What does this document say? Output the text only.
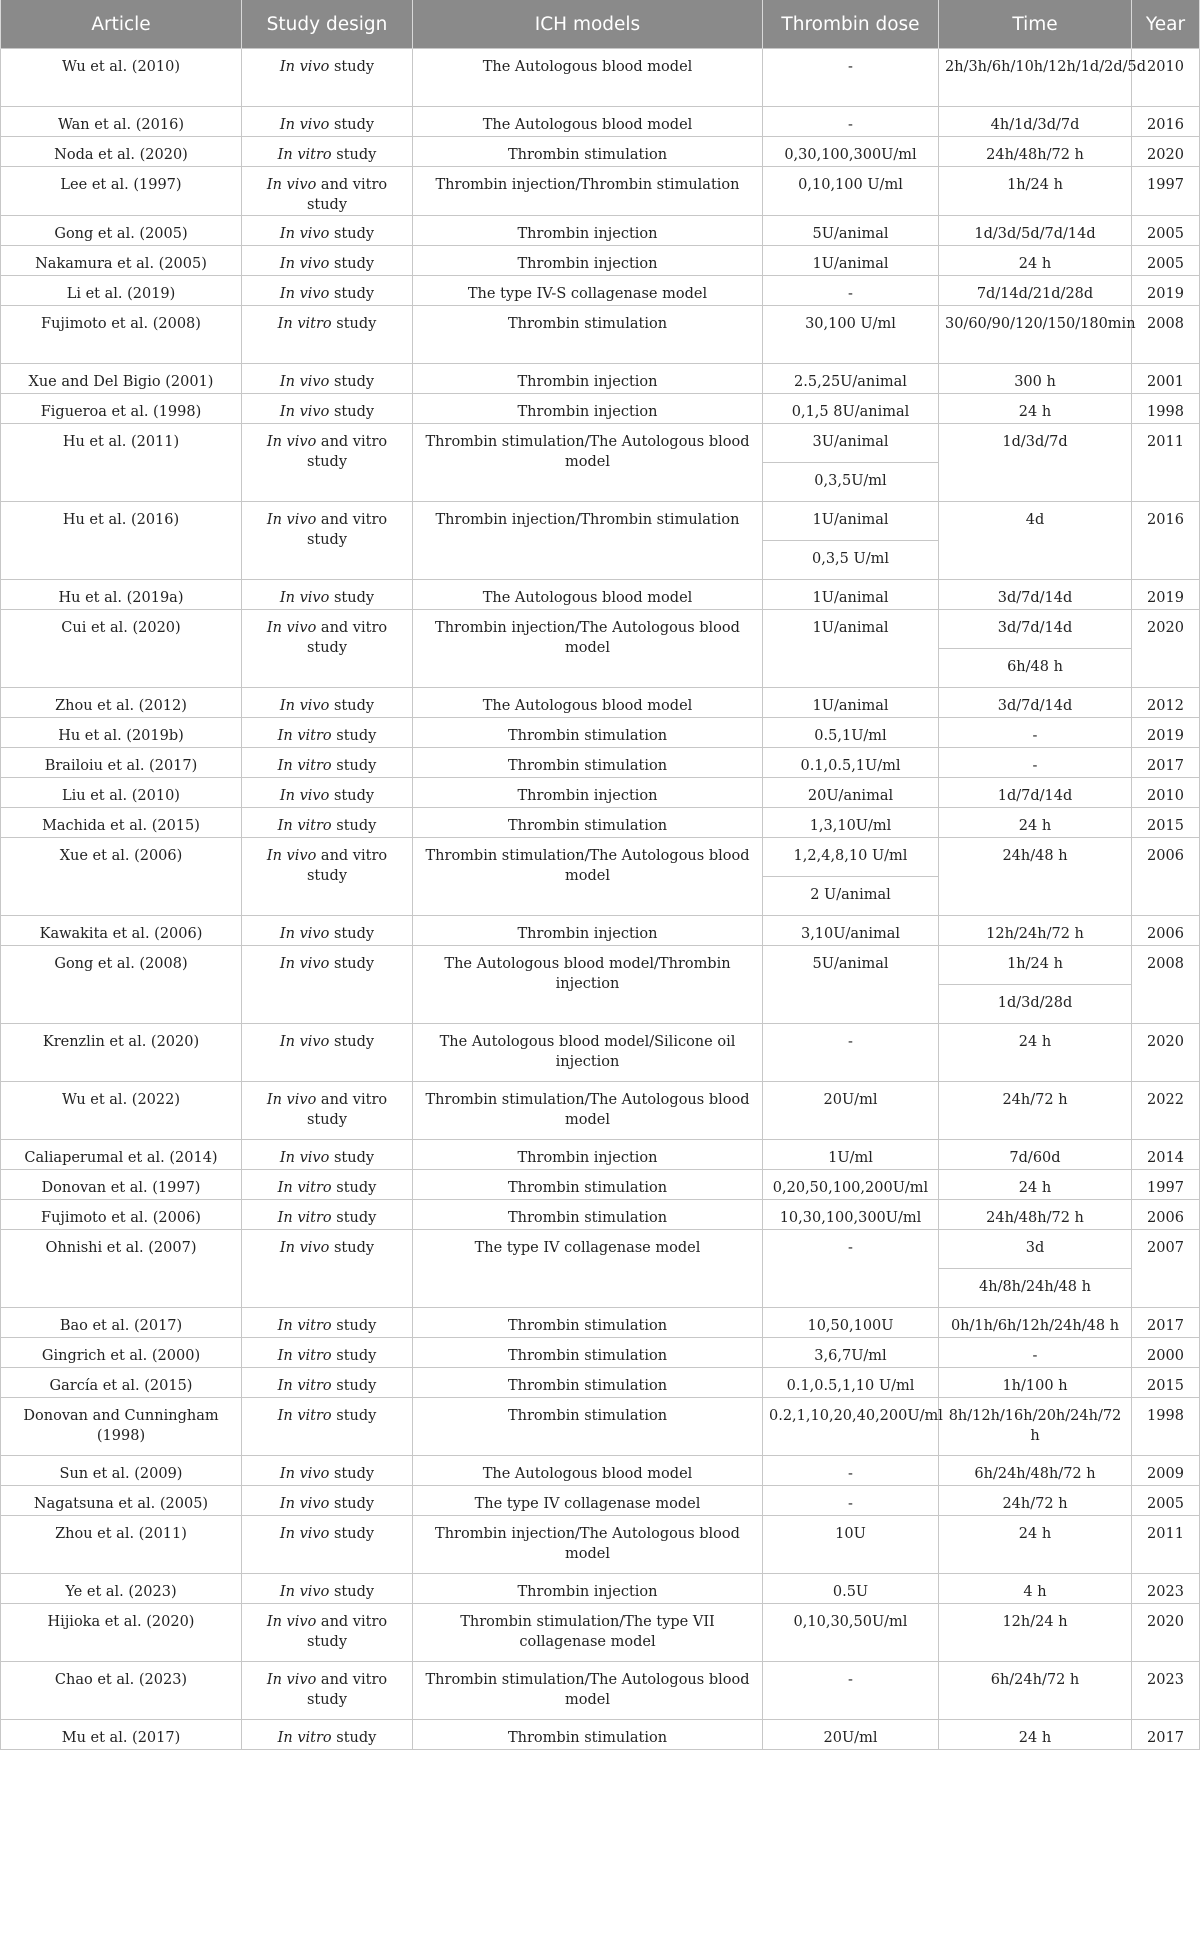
Article	Study design	ICH models	Thrombin dose	Time	Year
Wu et al. (2010)	In vivo study	The Autologous blood model	-	2h/3h/6h/10h/12h/1d/2d/5d	2010
Wan et al. (2016)	In vivo study	The Autologous blood model	-	4h/1d/3d/7d	2016
Noda et al. (2020)	In vitro study	Thrombin stimulation	0,30,100,300U/ml	24h/48h/72 h	2020
Lee et al. (1997)	In vivo and vitro study	Thrombin injection/Thrombin stimulation	0,10,100 U/ml	1h/24 h	1997
Gong et al. (2005)	In vivo study	Thrombin injection	5U/animal	1d/3d/5d/7d/14d	2005
Nakamura et al. (2005)	In vivo study	Thrombin injection	1U/animal	24 h	2005
Li et al. (2019)	In vivo study	The type IV-S collagenase model	-	7d/14d/21d/28d	2019
Fujimoto et al. (2008)	In vitro study	Thrombin stimulation	30,100 U/ml	30/60/90/120/150/180min	2008
Xue and Del Bigio (2001)	In vivo study	Thrombin injection	2.5,25U/animal	300 h	2001
Figueroa et al. (1998)	In vivo study	Thrombin injection	0,1,5 8U/animal	24 h	1998
Hu et al. (2011)	In vivo and vitro study	Thrombin stimulation/The Autologous blood model	3U/animal	1d/3d/7d	2011
			0,3,5U/ml		
Hu et al. (2016)	In vivo and vitro study	Thrombin injection/Thrombin stimulation	1U/animal	4d	2016
			0,3,5 U/ml		
Hu et al. (2019a)	In vivo study	The Autologous blood model	1U/animal	3d/7d/14d	2019
Cui et al. (2020)	In vivo and vitro study	Thrombin injection/The Autologous blood model	1U/animal	3d/7d/14d	2020
				6h/48 h	
Zhou et al. (2012)	In vivo study	The Autologous blood model	1U/animal	3d/7d/14d	2012
Hu et al. (2019b)	In vitro study	Thrombin stimulation	0.5,1U/ml	-	2019
Brailoiu et al. (2017)	In vitro study	Thrombin stimulation	0.1,0.5,1U/ml	-	2017
Liu et al. (2010)	In vivo study	Thrombin injection	20U/animal	1d/7d/14d	2010
Machida et al. (2015)	In vitro study	Thrombin stimulation	1,3,10U/ml	24 h	2015
Xue et al. (2006)	In vivo and vitro study	Thrombin stimulation/The Autologous blood model	1,2,4,8,10 U/ml	24h/48 h	2006
			2 U/animal		
Kawakita et al. (2006)	In vivo study	Thrombin injection	3,10U/animal	12h/24h/72 h	2006
Gong et al. (2008)	In vivo study	The Autologous blood model/Thrombin injection	5U/animal	1h/24 h	2008
				1d/3d/28d	
Krenzlin et al. (2020)	In vivo study	The Autologous blood model/Silicone oil injection	-	24 h	2020
Wu et al. (2022)	In vivo and vitro study	Thrombin stimulation/The Autologous blood model	20U/ml	24h/72 h	2022
Caliaperumal et al. (2014)	In vivo study	Thrombin injection	1U/ml	7d/60d	2014
Donovan et al. (1997)	In vitro study	Thrombin stimulation	0,20,50,100,200U/ml	24 h	1997
Fujimoto et al. (2006)	In vitro study	Thrombin stimulation	10,30,100,300U/ml	24h/48h/72 h	2006
Ohnishi et al. (2007)	In vivo study	The type IV collagenase model	-	3d	2007
				4h/8h/24h/48 h	
Bao et al. (2017)	In vitro study	Thrombin stimulation	10,50,100U	0h/1h/6h/12h/24h/48 h	2017
Gingrich et al. (2000)	In vitro study	Thrombin stimulation	3,6,7U/ml	-	2000
García et al. (2015)	In vitro study	Thrombin stimulation	0.1,0.5,1,10 U/ml	1h/100 h	2015
Donovan and Cunningham (1998)	In vitro study	Thrombin stimulation	0.2,1,10,20,40,200U/ml	8h/12h/16h/20h/24h/72 h	1998
Sun et al. (2009)	In vivo study	The Autologous blood model	-	6h/24h/48h/72 h	2009
Nagatsuna et al. (2005)	In vivo study	The type IV collagenase model	-	24h/72 h	2005
Zhou et al. (2011)	In vivo study	Thrombin injection/The Autologous blood model	10U	24 h	2011
Ye et al. (2023)	In vivo study	Thrombin injection	0.5U	4 h	2023
Hijioka et al. (2020)	In vivo and vitro study	Thrombin stimulation/The type VII collagenase model	0,10,30,50U/ml	12h/24 h	2020
Chao et al. (2023)	In vivo and vitro study	Thrombin stimulation/The Autologous blood model	-	6h/24h/72 h	2023
Mu et al. (2017)	In vitro study	Thrombin stimulation	20U/ml	24 h	2017
